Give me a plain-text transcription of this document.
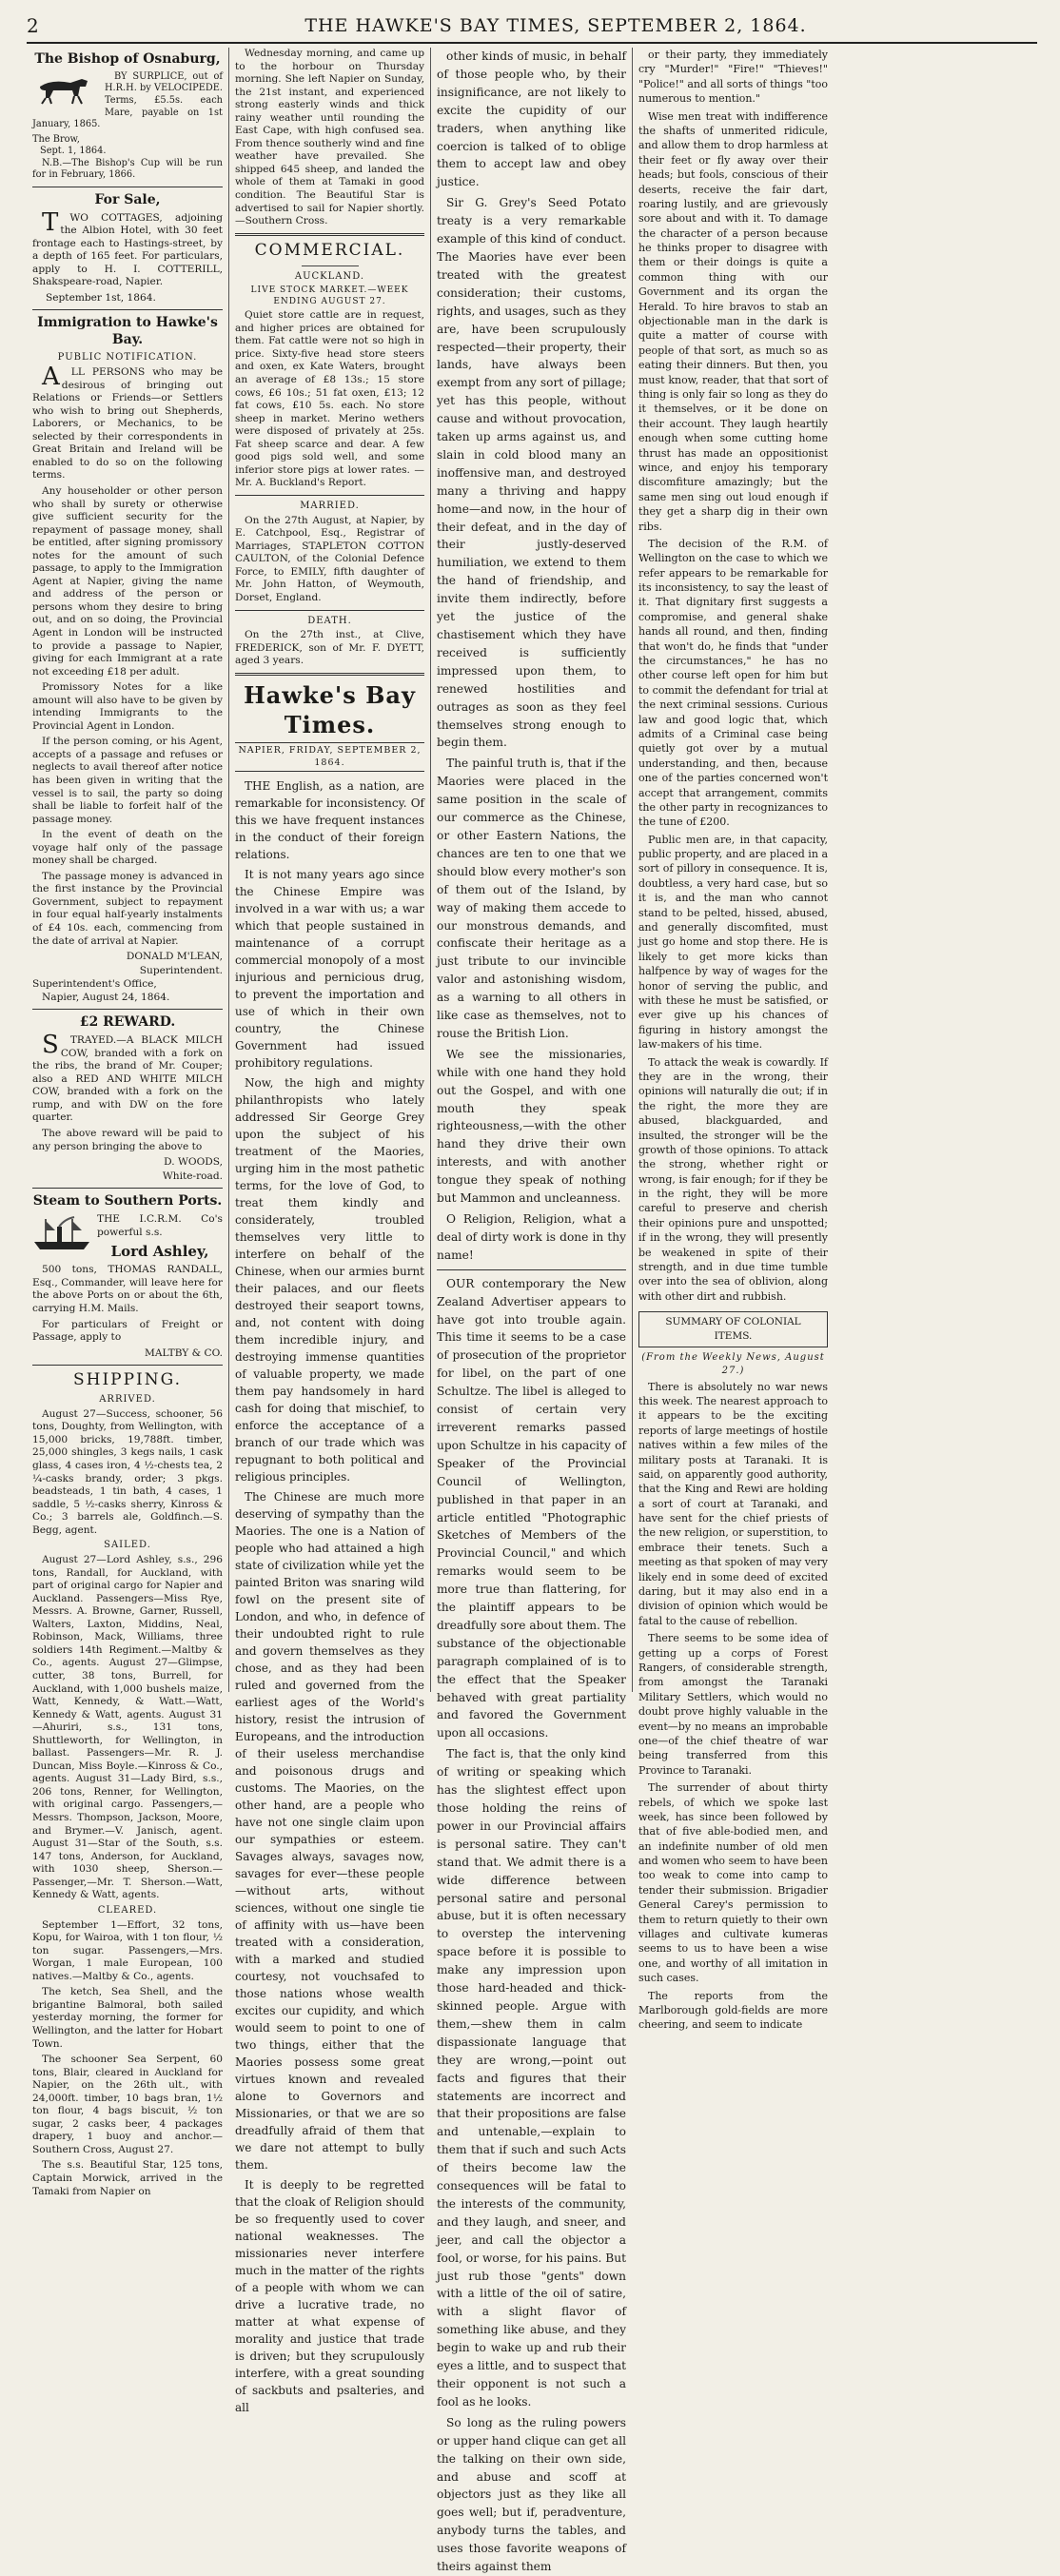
2	THE HAWKE'S BAY TIMES, SEPTEMBER 2, 1864.
The Bishop of Osnaburg,

BY SURPLICE, out of H.R.H. by VELOCIPEDE. Terms, £5.5s. each Mare, payable on 1st January, 1865.

The Brow,
Sept. 1, 1864.

N.B.—The Bishop's Cup will be run for in February, 1866.

For Sale,

TWO COTTAGES, adjoining the Albion Hotel, with 30 feet frontage each to Hastings-street, by a depth of 165 feet. For particulars, apply to H. I. COTTERILL, Shakspeare-road, Napier.

September 1st, 1864.
Immigration to Hawke's Bay.
PUBLIC NOTIFICATION.

ALL PERSONS who may be desirous of bringing out Relations or Friends—or Settlers who wish to bring out Shepherds, Laborers, or Mechanics, to be selected by their correspondents in Great Britain and Ireland will be enabled to do so on the following terms.

Any householder or other person who shall by surety or otherwise give sufficient security for the repayment of passage money, shall be entitled, after signing promissory notes for the amount of such passage, to apply to the Immigration Agent at Napier, giving the name and address of the person or persons whom they desire to bring out, and on so doing, the Provincial Agent in London will be instructed to provide a passage to Napier, giving for each Immigrant at a rate not exceeding £18 per adult.

Promissory Notes for a like amount will also have to be given by intending Immigrants to the Provincial Agent in London.

If the person coming, or his Agent, accepts of a passage and refuses or neglects to avail thereof after notice has been given in writing that the vessel is to sail, the party so doing shall be liable to forfeit half of the passage money.

In the event of death on the voyage half only of the passage money shall be charged.

The passage money is advanced in the first instance by the Provincial Government, subject to repayment in four equal half-yearly instalments of £4 10s. each, commencing from the date of arrival at Napier.

DONALD M'LEAN,
Superintendent.
Superintendent's Office,
Napier, August 24, 1864.
£2 REWARD.

STRAYED.—A BLACK MILCH COW, branded with a fork on the ribs, the brand of Mr. Couper; also a RED AND WHITE MILCH COW, branded with a fork on the rump, and with DW on the fore quarter.

The above reward will be paid to any person bringing the above to

D. WOODS,
White-road.
Steam to Southern Ports.
THE I.C.R.M. Co's powerful s.s.
Lord Ashley,

500 tons, THOMAS RANDALL, Esq., Commander, will leave here for the above Ports on or about the 6th, carrying H.M. Mails.

For particulars of Freight or Passage, apply to

MALTBY & CO.
SHIPPING.
ARRIVED.

August 27—Success, schooner, 56 tons, Doughty, from Wellington, with 15,000 bricks, 19,788ft. timber, 25,000 shingles, 3 kegs nails, 1 cask glass, 4 cases iron, 4 ½-chests tea, 2 ¼-casks brandy, order; 3 pkgs. beadsteads, 1 tin bath, 4 cases, 1 saddle, 5 ½-casks sherry, Kinross & Co.; 3 barrels ale, Goldfinch.—S. Begg, agent.

SAILED.

August 27—Lord Ashley, s.s., 296 tons, Randall, for Auckland, with part of original cargo for Napier and Auckland. Passengers—Miss Rye, Messrs. A. Browne, Garner, Russell, Walters, Laxton, Middins, Neal, Robinson, Mack, Williams, three soldiers 14th Regiment.—Maltby & Co., agents. August 27—Glimpse, cutter, 38 tons, Burrell, for Auckland, with 1,000 bushels maize, Watt, Kennedy, & Watt.—Watt, Kennedy & Watt, agents. August 31—Ahuriri, s.s., 131 tons, Shuttleworth, for Wellington, in ballast. Passengers—Mr. R. J. Duncan, Miss Boyle.—Kinross & Co., agents. August 31—Lady Bird, s.s., 206 tons, Renner, for Wellington, with original cargo. Passengers,—Messrs. Thompson, Jackson, Moore, and Brymer.—V. Janisch, agent. August 31—Star of the South, s.s. 147 tons, Anderson, for Auckland, with 1030 sheep, Sherson.—Passenger,—Mr. T. Sherson.—Watt, Kennedy & Watt, agents.

CLEARED.

September 1—Effort, 32 tons, Kopu, for Wairoa, with 1 ton flour, ½ ton sugar. Passengers,—Mrs. Worgan, 1 male European, 100 natives.—Maltby & Co., agents.

The ketch, Sea Shell, and the brigantine Balmoral, both sailed yesterday morning, the former for Wellington, and the latter for Hobart Town.

The schooner Sea Serpent, 60 tons, Blair, cleared in Auckland for Napier, on the 26th ult., with 24,000ft. timber, 10 bags bran, 1½ ton flour, 4 bags biscuit, ½ ton sugar, 2 casks beer, 4 packages drapery, 1 buoy and anchor.—Southern Cross, August 27.

The s.s. Beautiful Star, 125 tons, Captain Morwick, arrived in the Tamaki from Napier on

Wednesday morning, and came up to the horbour on Thursday morning. She left Napier on Sunday, the 21st instant, and experienced strong easterly winds and thick rainy weather until rounding the East Cape, with high confused sea. From thence southerly wind and fine weather have prevailed. She shipped 645 sheep, and landed the whole of them at Tamaki in good condition. The Beautiful Star is advertised to sail for Napier shortly. —Southern Cross.

COMMERCIAL.
AUCKLAND.
LIVE STOCK MARKET.—WEEK ENDING AUGUST 27.

Quiet store cattle are in request, and higher prices are obtained for them. Fat cattle were not so high in price. Sixty-five head store steers and oxen, ex Kate Waters, brought an average of £8 13s.; 15 store cows, £6 10s.; 51 fat oxen, £13; 12 fat cows, £10 5s. each. No store sheep in market. Merino wethers were disposed of privately at 25s. Fat sheep scarce and dear. A few good pigs sold well, and some inferior store pigs at lower rates. —Mr. A. Buckland's Report.

MARRIED.

On the 27th August, at Napier, by E. Catchpool, Esq., Registrar of Marriages, STAPLETON COTTON CAULTON, of the Colonial Defence Force, to EMILY, fifth daughter of Mr. John Hatton, of Weymouth, Dorset, England.

DEATH.

On the 27th inst., at Clive, FREDERICK, son of Mr. F. DYETT, aged 3 years.

Hawke's Bay Times.
NAPIER, FRIDAY, SEPTEMBER 2, 1864.

THE English, as a nation, are remarkable for inconsistency. Of this we have frequent instances in the conduct of their foreign relations.

It is not many years ago since the Chinese Empire was involved in a war with us; a war which that people sustained in maintenance of a corrupt commercial monopoly of a most injurious and pernicious drug, to prevent the importation and use of which in their own country, the Chinese Government had issued prohibitory regulations.

Now, the high and mighty philanthropists who lately addressed Sir George Grey upon the subject of his treatment of the Maories, urging him in the most pathetic terms, for the love of God, to treat them kindly and considerately, troubled themselves very little to interfere on behalf of the Chinese, when our armies burnt their palaces, and our fleets destroyed their seaport towns, and, not content with doing them incredible injury, and destroying immense quantities of valuable property, we made them pay handsomely in hard cash for doing that mischief, to enforce the acceptance of a branch of our trade which was repugnant to both political and religious principles.

The Chinese are much more deserving of sympathy than the Maories. The one is a Nation of people who had attained a high state of civilization while yet the painted Briton was snaring wild fowl on the present site of London, and who, in defence of their undoubted right to rule and govern themselves as they chose, and as they had been ruled and governed from the earliest ages of the World's history, resist the intrusion of Europeans, and the introduction of their useless merchandise and poisonous drugs and customs. The Maories, on the other hand, are a people who have not one single claim upon our sympathies or esteem. Savages always, savages now, savages for ever—these people—without arts, without sciences, without one single tie of affinity with us—have been treated with a consideration, with a marked and studied courtesy, not vouchsafed to those nations whose wealth excites our cupidity, and which would seem to point to one of two things, either that the Maories possess some great virtues known and revealed alone to Governors and Missionaries, or that we are so dreadfully afraid of them that we dare not attempt to bully them.

It is deeply to be regretted that the cloak of Religion should be so frequently used to cover national weaknesses. The missionaries never interfere much in the matter of the rights of a people with whom we can drive a lucrative trade, no matter at what expense of morality and justice that trade is driven; but they scrupulously interfere, with a great sounding of sackbuts and psalteries, and all

other kinds of music, in behalf of those people who, by their insignificance, are not likely to excite the cupidity of our traders, when anything like coercion is talked of to oblige them to accept law and obey justice.

Sir G. Grey's Seed Potato treaty is a very remarkable example of this kind of conduct. The Maories have ever been treated with the greatest consideration; their customs, rights, and usages, such as they are, have been scrupulously respected—their property, their lands, have always been exempt from any sort of pillage; yet has this people, without cause and without provocation, taken up arms against us, and slain in cold blood many an inoffensive man, and destroyed many a thriving and happy home—and now, in the hour of their defeat, and in the day of their justly-deserved humiliation, we extend to them the hand of friendship, and invite them indirectly, before yet the justice of the chastisement which they have received is sufficiently impressed upon them, to renewed hostilities and outrages as soon as they feel themselves strong enough to begin them.

The painful truth is, that if the Maories were placed in the same position in the scale of our commerce as the Chinese, or other Eastern Nations, the chances are ten to one that we should blow every mother's son of them out of the Island, by way of making them accede to our monstrous demands, and confiscate their heritage as a just tribute to our invincible valor and astonishing wisdom, as a warning to all others in like case as themselves, not to rouse the British Lion.

We see the missionaries, while with one hand they hold out the Gospel, and with one mouth they speak righteousness,—with the other hand they drive their own interests, and with another tongue they speak of nothing but Mammon and uncleanness.

O Religion, Religion, what a deal of dirty work is done in thy name!

OUR contemporary the New Zealand Advertiser appears to have got into trouble again. This time it seems to be a case of prosecution of the proprietor for libel, on the part of one Schultze. The libel is alleged to consist of certain very irreverent remarks passed upon Schultze in his capacity of Speaker of the Provincial Council of Wellington, published in that paper in an article entitled "Photographic Sketches of Members of the Provincial Council," and which remarks would seem to be more true than flattering, for the plaintiff appears to be dreadfully sore about them. The substance of the objectionable paragraph complained of is to the effect that the Speaker behaved with great partiality and favored the Government upon all occasions.

The fact is, that the only kind of writing or speaking which has the slightest effect upon those holding the reins of power in our Provincial affairs is personal satire. They can't stand that. We admit there is a wide difference between personal satire and personal abuse, but it is often necessary to overstep the intervening space before it is possible to make any impression upon those hard-headed and thick-skinned people. Argue with them,—shew them in calm dispassionate language that they are wrong,—point out facts and figures that their statements are incorrect and that their propositions are false and untenable,—explain to them that if such and such Acts of theirs become law the consequences will be fatal to the interests of the community, and they laugh, and sneer, and jeer, and call the objector a fool, or worse, for his pains. But just rub those "gents" down with a little of the oil of satire, with a slight flavor of something like abuse, and they begin to wake up and rub their eyes a little, and to suspect that their opponent is not such a fool as he looks.

So long as the ruling powers or upper hand clique can get all the talking on their own side, and abuse and scoff at objectors just as they like all goes well; but if, peradventure, anybody turns the tables, and uses those favorite weapons of theirs against them

or their party, they immediately cry "Murder!" "Fire!" "Thieves!" "Police!" and all sorts of things "too numerous to mention."

Wise men treat with indifference the shafts of unmerited ridicule, and allow them to drop harmless at their feet or fly away over their heads; but fools, conscious of their deserts, receive the fair dart, roaring lustily, and are grievously sore about and with it. To damage the character of a person because he thinks proper to disagree with them or their doings is quite a common thing with our Government and its organ the Herald. To hire bravos to stab an objectionable man in the dark is quite a matter of course with people of that sort, as much so as eating their dinners. But then, you must know, reader, that that sort of thing is only fair so long as they do it themselves, or it be done on their account. They laugh heartily enough when some cutting home thrust has made an oppositionist wince, and enjoy his temporary discomfiture amazingly; but the same men sing out loud enough if they get a sharp dig in their own ribs.

The decision of the R.M. of Wellington on the case to which we refer appears to be remarkable for its inconsistency, to say the least of it. That dignitary first suggests a compromise, and general shake hands all round, and then, finding that won't do, he finds that "under the circumstances," he has no other course left open for him but to commit the defendant for trial at the next criminal sessions. Curious law and good logic that, which admits of a Criminal case being quietly got over by a mutual understanding, and then, because one of the parties concerned won't accept that arrangement, commits the other party in recognizances to the tune of £200.

Public men are, in that capacity, public property, and are placed in a sort of pillory in consequence. It is, doubtless, a very hard case, but so it is, and the man who cannot stand to be pelted, hissed, abused, and generally discomfited, must just go home and stop there. He is likely to get more kicks than halfpence by way of wages for the honor of serving the public, and with these he must be satisfied, or ever give up his chances of figuring in history amongst the law-makers of his time.

To attack the weak is cowardly. If they are in the wrong, their opinions will naturally die out; if in the right, the more they are abused, blackguarded, and insulted, the stronger will be the growth of those opinions. To attack the strong, whether right or wrong, is fair enough; for if they be in the right, they will be more careful to preserve and cherish their opinions pure and unspotted; if in the wrong, they will presently be weakened in spite of their strength, and in due time tumble over into the sea of oblivion, along with other dirt and rubbish.

SUMMARY OF COLONIAL ITEMS.
(From the Weekly News, August 27.)

There is absolutely no war news this week. The nearest approach to it appears to be the exciting reports of large meetings of hostile natives within a few miles of the military posts at Taranaki. It is said, on apparently good authority, that the King and Rewi are holding a sort of court at Taranaki, and have sent for the chief priests of the new religion, or superstition, to embrace their tenets. Such a meeting as that spoken of may very likely end in some deed of excited daring, but it may also end in a division of opinion which would be fatal to the cause of rebellion.

There seems to be some idea of getting up a corps of Forest Rangers, of considerable strength, from amongst the Taranaki Military Settlers, which would no doubt prove highly valuable in the event—by no means an improbable one—of the chief theatre of war being transferred from this Province to Taranaki.

The surrender of about thirty rebels, of which we spoke last week, has since been followed by that of five able-bodied men, and an indefinite number of old men and women who seem to have been too weak to come into camp to tender their submission. Brigadier General Carey's permission to them to return quietly to their own villages and cultivate kumeras seems to us to have been a wise one, and worthy of all imitation in such cases.

The reports from the Marlborough gold-fields are more cheering, and seem to indicate
